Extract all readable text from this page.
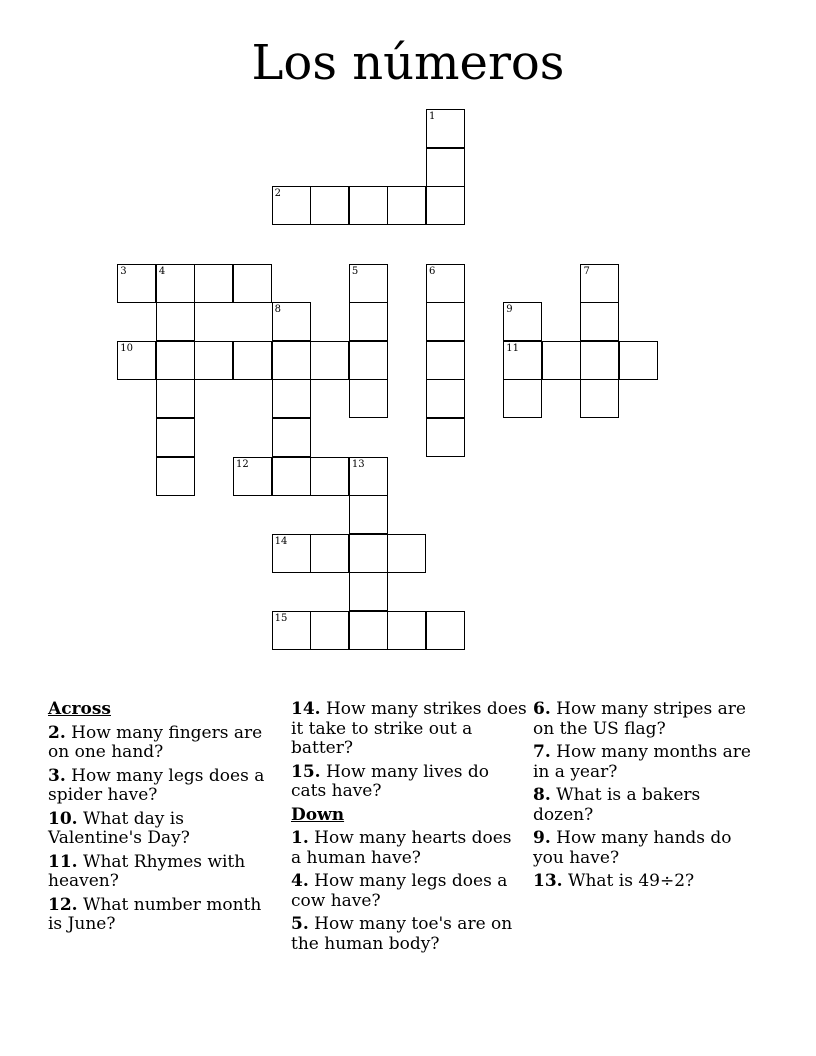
Los números
1
2
3	4	5	6	7
8	9
10	11
12	13
14
15
Across
2. How many fingers are on one hand?
3. How many legs does a spider have?
10. What day is Valentine's Day?
11. What Rhymes with heaven?
12. What number month is June?
14. How many strikes does it take to strike out a batter?
15. How many lives do cats have?
Down
1. How many hearts does a human have?
4. How many legs does a cow have?
5. How many toe's are on the human body?
6. How many stripes are on the US flag?
7. How many months are in a year?
8. What is a bakers dozen?
9. How many hands do you have?
13. What is 49÷2?
